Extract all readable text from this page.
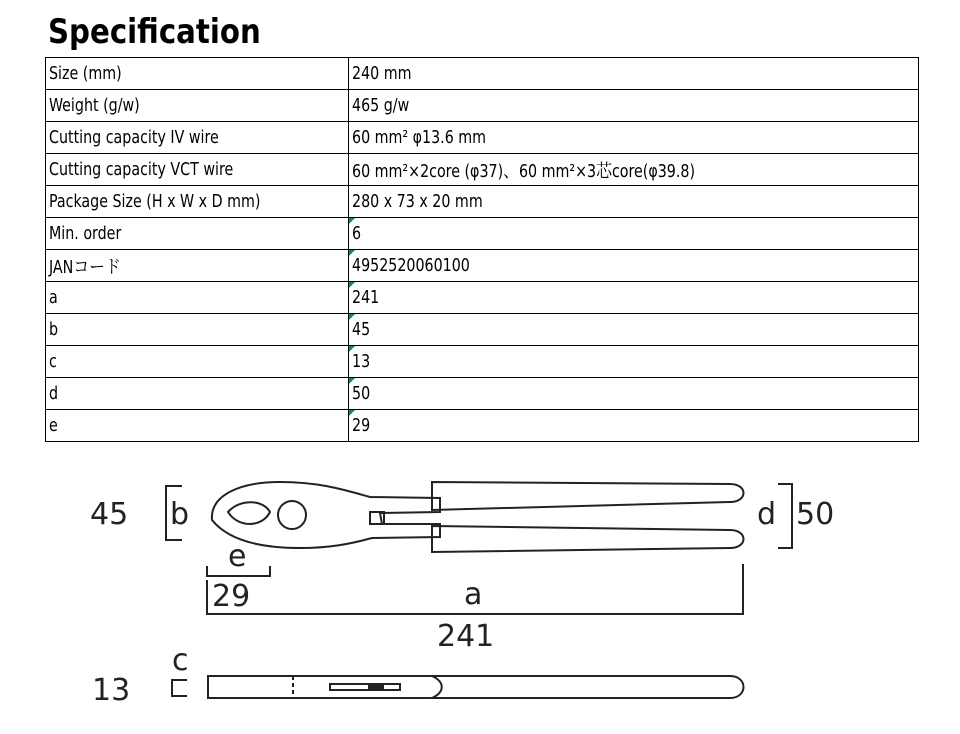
Specification
Size (mm)	240 mm
Weight (g/w)	465 g/w
Cutting capacity IV wire	60 mm² φ13.6 mm
Cutting capacity VCT wire	60 mm²×2core (φ37)、60 mm²×3芯core(φ39.8)
Package Size (H x W x D mm)	280 x 73 x 20 mm
Min. order	6
JANコード	4952520060100
a	241
b	45
c	13
d	50
e	29
45 b	d 50
e
29	a
241
c
13
